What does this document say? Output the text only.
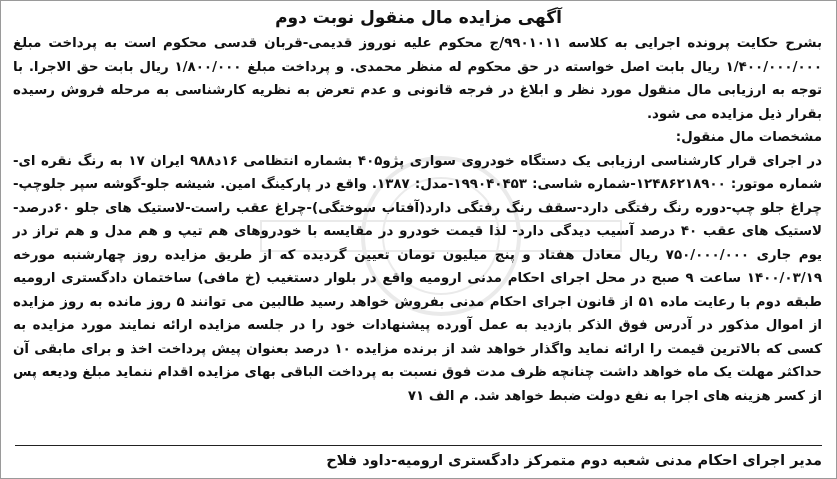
آگهی مزایده مال منقول نوبت دوم

بشرح حکایت پرونده اجرایی به کلاسه ۹۹۰۱۰۱۱/ج محکوم علیه نوروز قدیمی-قربان قدسی محکوم است به پرداخت مبلغ ۱/۴۰۰/۰۰۰/۰۰۰ ریال بابت اصل خواسته در حق محکوم له منظر محمدی. و پرداخت مبلغ ۱/۸۰۰/۰۰۰ ریال بابت حق الاجرا. با توجه به ارزیابی مال منقول مورد نظر و ابلاغ در فرجه قانونی و عدم تعرض به نظریه کارشناسی به مرحله فروش رسیده بقرار ذیل مزایده می شود.

مشخصات مال منقول:

در اجرای قرار کارشناسی ارزیابی یک دستگاه خودروی سواری پژو۴۰۵ بشماره انتظامی ۱۶د۹۸۸ ایران ۱۷ به رنگ نقره ای-شماره موتور: ۱۲۴۸۶۲۱۸۹۰۰-شماره شاسی: ۱۹۹۰۴۰۴۵۳-مدل: ۱۳۸۷. واقع در پارکینگ امین. شیشه جلو-گوشه سپر جلوچپ-چراغ جلو چپ-دوره رنگ رفتگی دارد-سقف رنگ رفتگی دارد(آفتاب سوختگی)-چراغ عقب راست-لاستیک های جلو ۶۰درصد-لاستیک های عقب ۴۰ درصد آسیب دیدگی دارد- لذا قیمت خودرو در مقایسه با خودروهای هم تیپ و هم مدل و هم تراز در یوم جاری ۷۵۰/۰۰۰/۰۰۰ ریال معادل هفتاد و پنج میلیون تومان تعیین گردیده که از طریق مزایده روز چهارشنبه مورخه ۱۴۰۰/۰۳/۱۹ ساعت ۹ صبح در محل اجرای احکام مدنی ارومیه واقع در بلوار دستغیب (خ مافی) ساختمان دادگستری ارومیه طبقه دوم با رعایت ماده ۵۱ از قانون اجرای احکام مدنی بفروش خواهد رسید طالبین می توانند ۵ روز مانده به روز مزایده از اموال مذکور در آدرس فوق الذکر بازدید به عمل آورده پیشنهادات خود را در جلسه مزایده ارائه نمایند مورد مزایده به کسی که بالاترین قیمت را ارائه نماید واگذار خواهد شد از برنده مزایده ۱۰ درصد بعنوان پیش پرداخت اخذ و برای مابقی آن حداکثر مهلت یک ماه خواهد داشت چنانچه ظرف مدت فوق نسبت به پرداخت الباقی بهای مزایده اقدام ننماید مبلغ ودیعه پس از کسر هزینه های اجرا به نفع دولت ضبط خواهد شد. م الف ۷۱

مدیر اجرای احکام مدنی شعبه دوم متمرکز دادگستری ارومیه-داود فلاح
